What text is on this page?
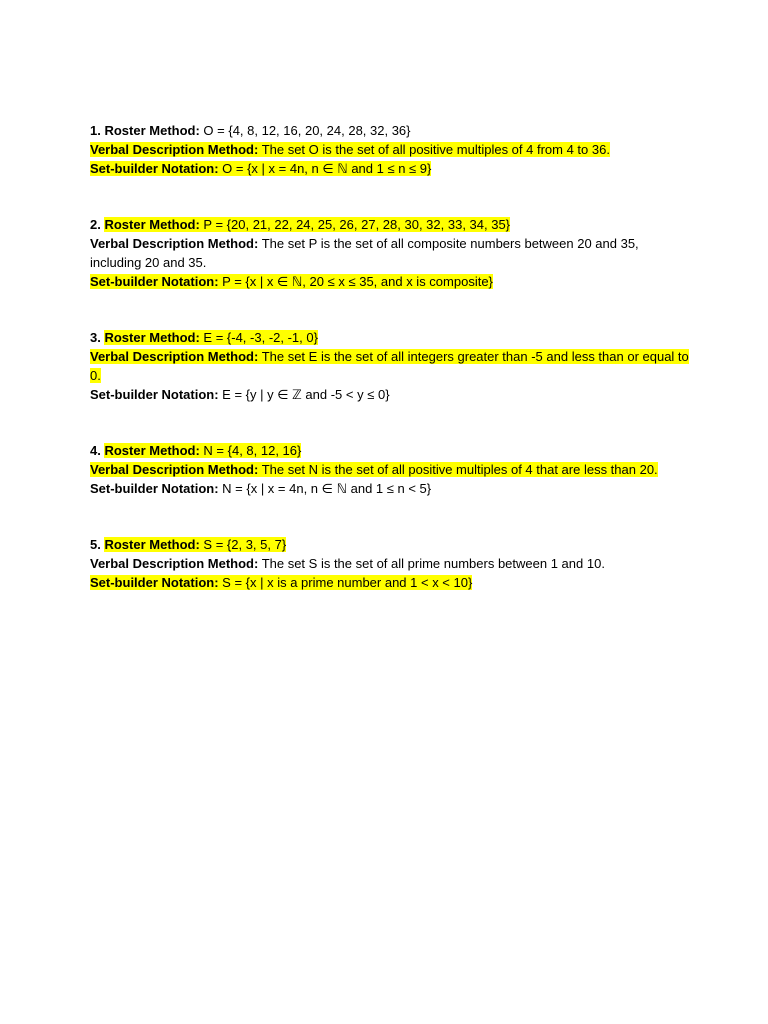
1. Roster Method: O = {4, 8, 12, 16, 20, 24, 28, 32, 36}
Verbal Description Method: The set O is the set of all positive multiples of 4 from 4 to 36.
Set-builder Notation: O = {x | x = 4n, n ∈ ℕ and 1 ≤ n ≤ 9}
2. Roster Method: P = {20, 21, 22, 24, 25, 26, 27, 28, 30, 32, 33, 34, 35}
Verbal Description Method: The set P is the set of all composite numbers between 20 and 35, including 20 and 35.
Set-builder Notation: P = {x | x ∈ ℕ, 20 ≤ x ≤ 35, and x is composite}
3. Roster Method: E = {-4, -3, -2, -1, 0}
Verbal Description Method: The set E is the set of all integers greater than -5 and less than or equal to 0.
Set-builder Notation: E = {y | y ∈ ℤ and -5 < y ≤ 0}
4. Roster Method: N = {4, 8, 12, 16}
Verbal Description Method: The set N is the set of all positive multiples of 4 that are less than 20.
Set-builder Notation: N = {x | x = 4n, n ∈ ℕ and 1 ≤ n < 5}
5. Roster Method: S = {2, 3, 5, 7}
Verbal Description Method: The set S is the set of all prime numbers between 1 and 10.
Set-builder Notation: S = {x | x is a prime number and 1 < x < 10}
